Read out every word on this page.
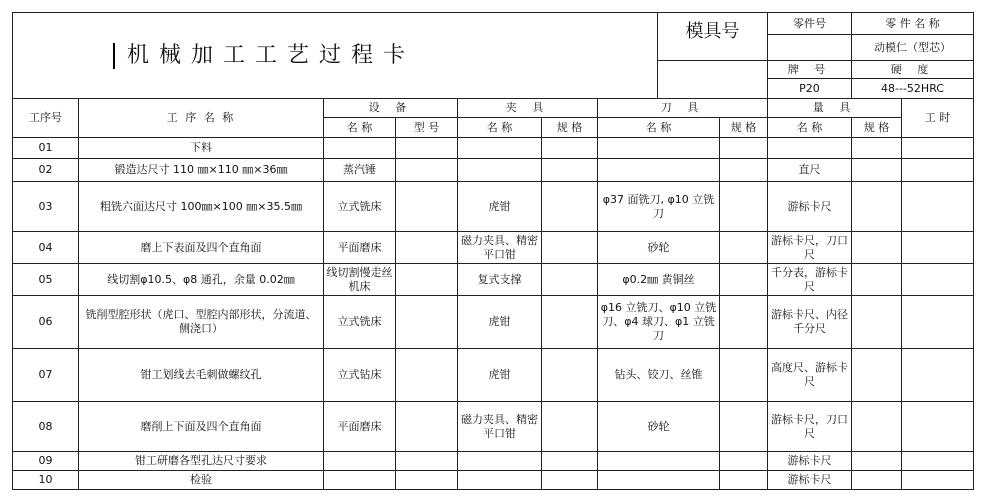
机械加工工艺过程卡	模具号	零件号	零 件 名 称
			动模仁（型芯）
		牌 号	硬 度
		P20	48---52HRC
工序号	工 序 名 称	设 备		夹 具		刀 具		量 具		工 时
		名 称	型 号	名 称	规 格	名 称	规 格	名 称	规 格	
01	下料									
02	锻造达尺寸 110 ㎜×110 ㎜×36㎜	蒸汽锤						直尺		
03	粗铣六面达尺寸 100㎜×100 ㎜×35.5㎜	立式铣床		虎钳		φ37 面铣刀, φ10 立铣刀		游标卡尺		
04	磨上下表面及四个直角面	平面磨床		磁力夹具、精密平口钳		砂轮		游标卡尺，刀口尺		
05	线切割φ10.5、φ8 通孔，余量 0.02㎜	线切割慢走丝机床		复式支撑		φ0.2㎜ 黄铜丝		千分表，游标卡尺		
06	铣削型腔形状（虎口、型腔内部形状，分流道、侧浇口）	立式铣床		虎钳		φ16 立铣刀、φ10 立铣刀、φ4 球刀、φ1 立铣刀		游标卡尺、内径千分尺		
07	钳工划线去毛刺做螺纹孔	立式钻床		虎钳		钻头、铰刀、丝锥		高度尺、游标卡尺		
08	磨削上下面及四个直角面	平面磨床		磁力夹具、精密平口钳		砂轮		游标卡尺，刀口尺		
09	钳工研磨各型孔达尺寸要求							游标卡尺		
10	检验							游标卡尺		
